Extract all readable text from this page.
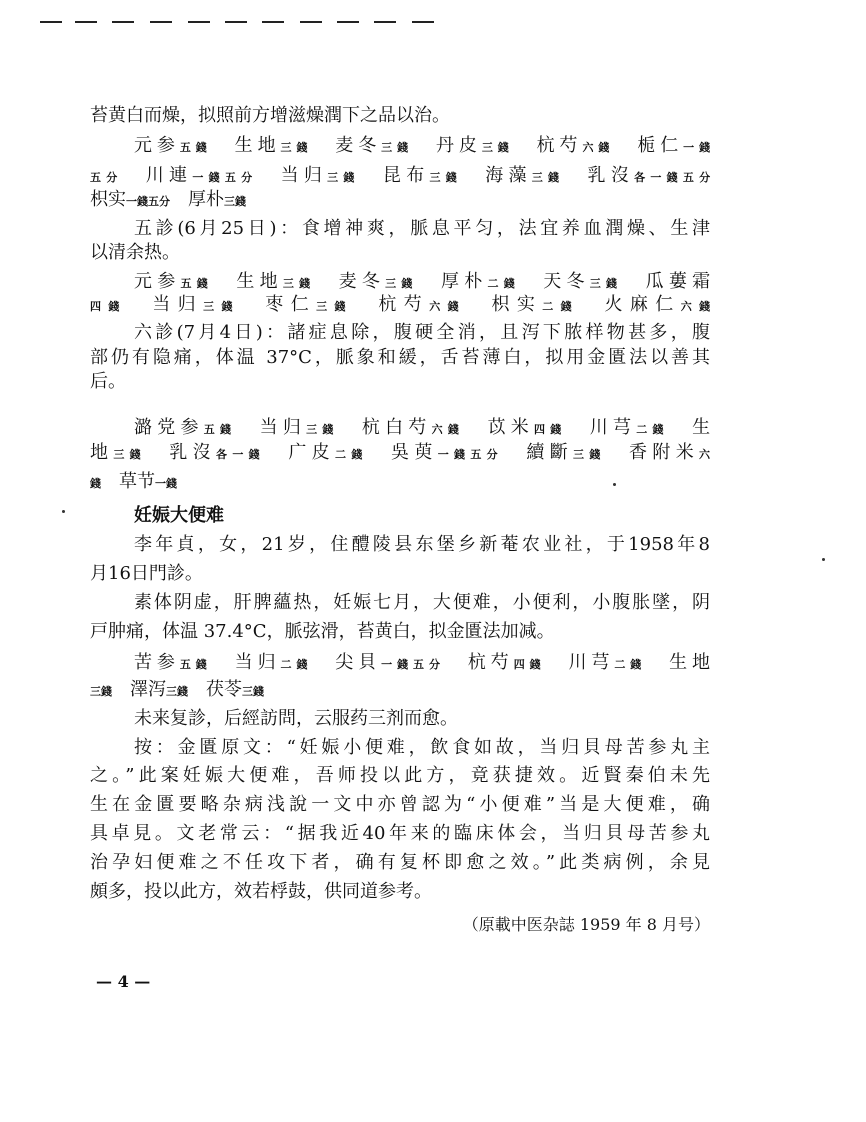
苔黄白而燥，拟照前方增滋燥潤下之品以治。
元参五錢　生地三錢　麦冬三錢　丹皮三錢　杭芍六錢　栀仁一錢
五分　川連一錢五分　当归三錢　昆布三錢　海藻三錢　乳沒各一錢五分
枳实一錢五分　厚朴三錢
五診(6月25日)：食增神爽，脈息平匀，法宜养血潤燥、生津
以清余热。
元参五錢　生地三錢　麦冬三錢　厚朴二錢　天冬三錢　瓜蔞霜
四錢　当归三錢　枣仁三錢　杭芍六錢　枳实二錢　火麻仁六錢
六診(7月4日)：諸症息除，腹硬全消，且泻下脓样物甚多，腹
部仍有隐痛，体温 37°C，脈象和緩，舌苔薄白，拟用金匱法以善其
后。
潞党参五錢　当归三錢　杭白芍六錢　苡米四錢　川芎二錢　生
地三錢　乳沒各一錢　广皮二錢　吳萸一錢五分　續斷三錢　香附米六
錢　草节一錢
妊娠大便难
李年貞，女，21岁，住醴陵县东堡乡新菴农业社，于1958年8
月16日門診。
素体阴虚，肝脾蘊热，妊娠七月，大便难，小便利，小腹胀墜，阴
戸肿痛，体温 37.4°C，脈弦滑，苔黄白，拟金匱法加减。
苦参五錢　当归二錢　尖貝一錢五分　杭芍四錢　川芎二錢　生地
三錢　澤泻三錢　茯苓三錢
未来复診，后經訪問，云服药三剂而愈。
按：金匱原文：“妊娠小便难，飲食如故，当归貝母苦参丸主
之。”此案妊娠大便难，吾师投以此方，竟获捷效。近賢秦伯未先
生在金匱要略杂病浅說一文中亦曾認为“小便难”当是大便难，确
具卓見。文老常云：“据我近40年来的臨床体会，当归貝母苦参丸
治孕妇便难之不任攻下者，确有复杯即愈之效。”此类病例，余見
頗多，投以此方，效若桴鼓，供同道参考。
（原載中医杂誌 1959 年 8 月号）
— 4 —
